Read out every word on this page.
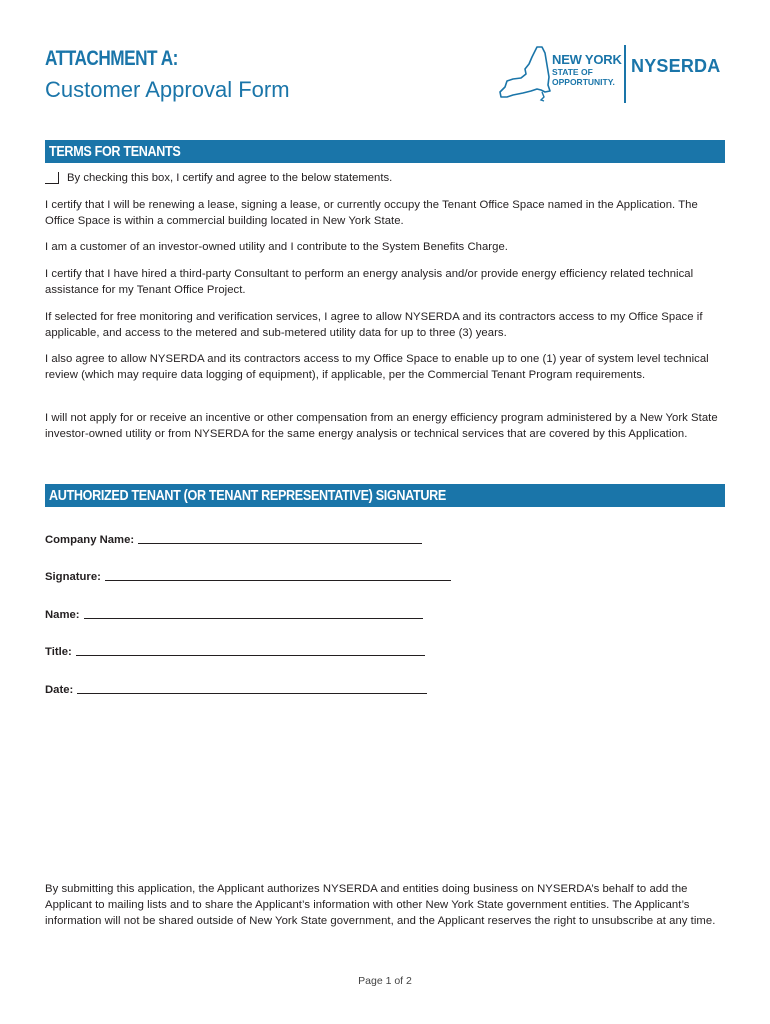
ATTACHMENT A:
Customer Approval Form
NEW YORK
STATE OF
OPPORTUNITY.
NYSERDA
TERMS FOR TENANTS
By checking this box, I certify and agree to the below statements.

I certify that I will be renewing a lease, signing a lease, or currently occupy the Tenant Office Space named in the Application. The Office Space is within a commercial building located in New York State.

I am a customer of an investor-owned utility and I contribute to the System Benefits Charge.

I certify that I have hired a third-party Consultant to perform an energy analysis and/or provide energy efficiency related technical assistance for my Tenant Office Project.

If selected for free monitoring and verification services, I agree to allow NYSERDA and its contractors access to my Office Space if applicable, and access to the metered and sub-metered utility data for up to three (3) years.

I also agree to allow NYSERDA and its contractors access to my Office Space to enable up to one (1) year of system level technical review (which may require data logging of equipment), if applicable, per the Commercial Tenant Program requirements.

I will not apply for or receive an incentive or other compensation from an energy efficiency program administered by a New York State investor-owned utility or from NYSERDA for the same energy analysis or technical services that are covered by this Application.

AUTHORIZED TENANT (OR TENANT REPRESENTATIVE) SIGNATURE
Company Name:
Signature:
Name:
Title:
Date:

By submitting this application, the Applicant authorizes NYSERDA and entities doing business on NYSERDA’s behalf to add the Applicant to mailing lists and to share the Applicant’s information with other New York State government entities. The Applicant’s information will not be shared outside of New York State government, and the Applicant reserves the right to unsubscribe at any time.

Page 1 of 2
